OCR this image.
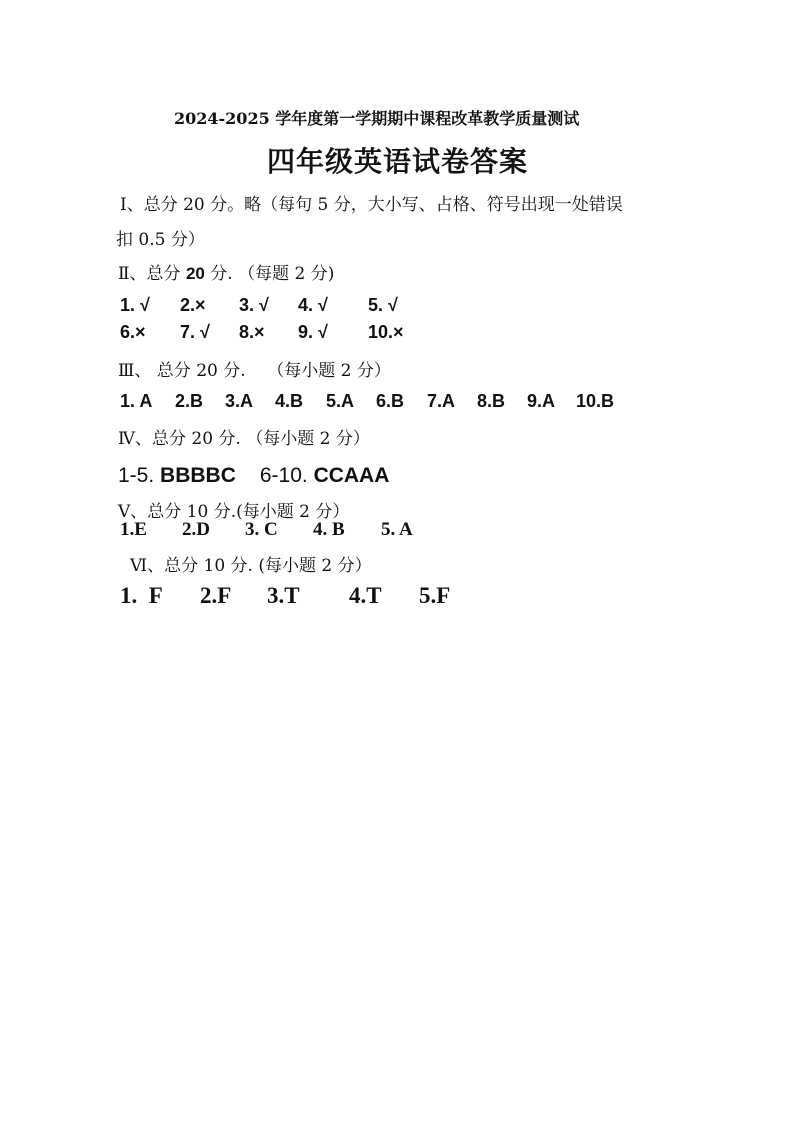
2024-2025 学年度第一学期期中课程改革教学质量测试
四年级英语试卷答案
Ⅰ、总分 20 分。略（每句 5 分，大小写、占格、符号出现一处错误
扣 0.5 分）
Ⅱ、总分 20 分. （每题 2 分)
1. √	2.×	3. √	4. √	5. √
6.×	7. √	8.×	9. √	10.×
Ⅲ、 总分 20 分.    （每小题 2 分）
1. A	2.B	3.A	4.B	5.A	6.B	7.A	8.B	9.A	10.B
Ⅳ、总分 20 分. （每小题 2 分）
1-5. BBBBC 6-10. CCAAA
Ⅴ、总分 10 分.(每小题 2 分）
1.E	2.D	3. C	4. B	5. A
Ⅵ、总分 10 分. (每小题 2 分）
1.  F	2.F	3.T	4.T	5.F
